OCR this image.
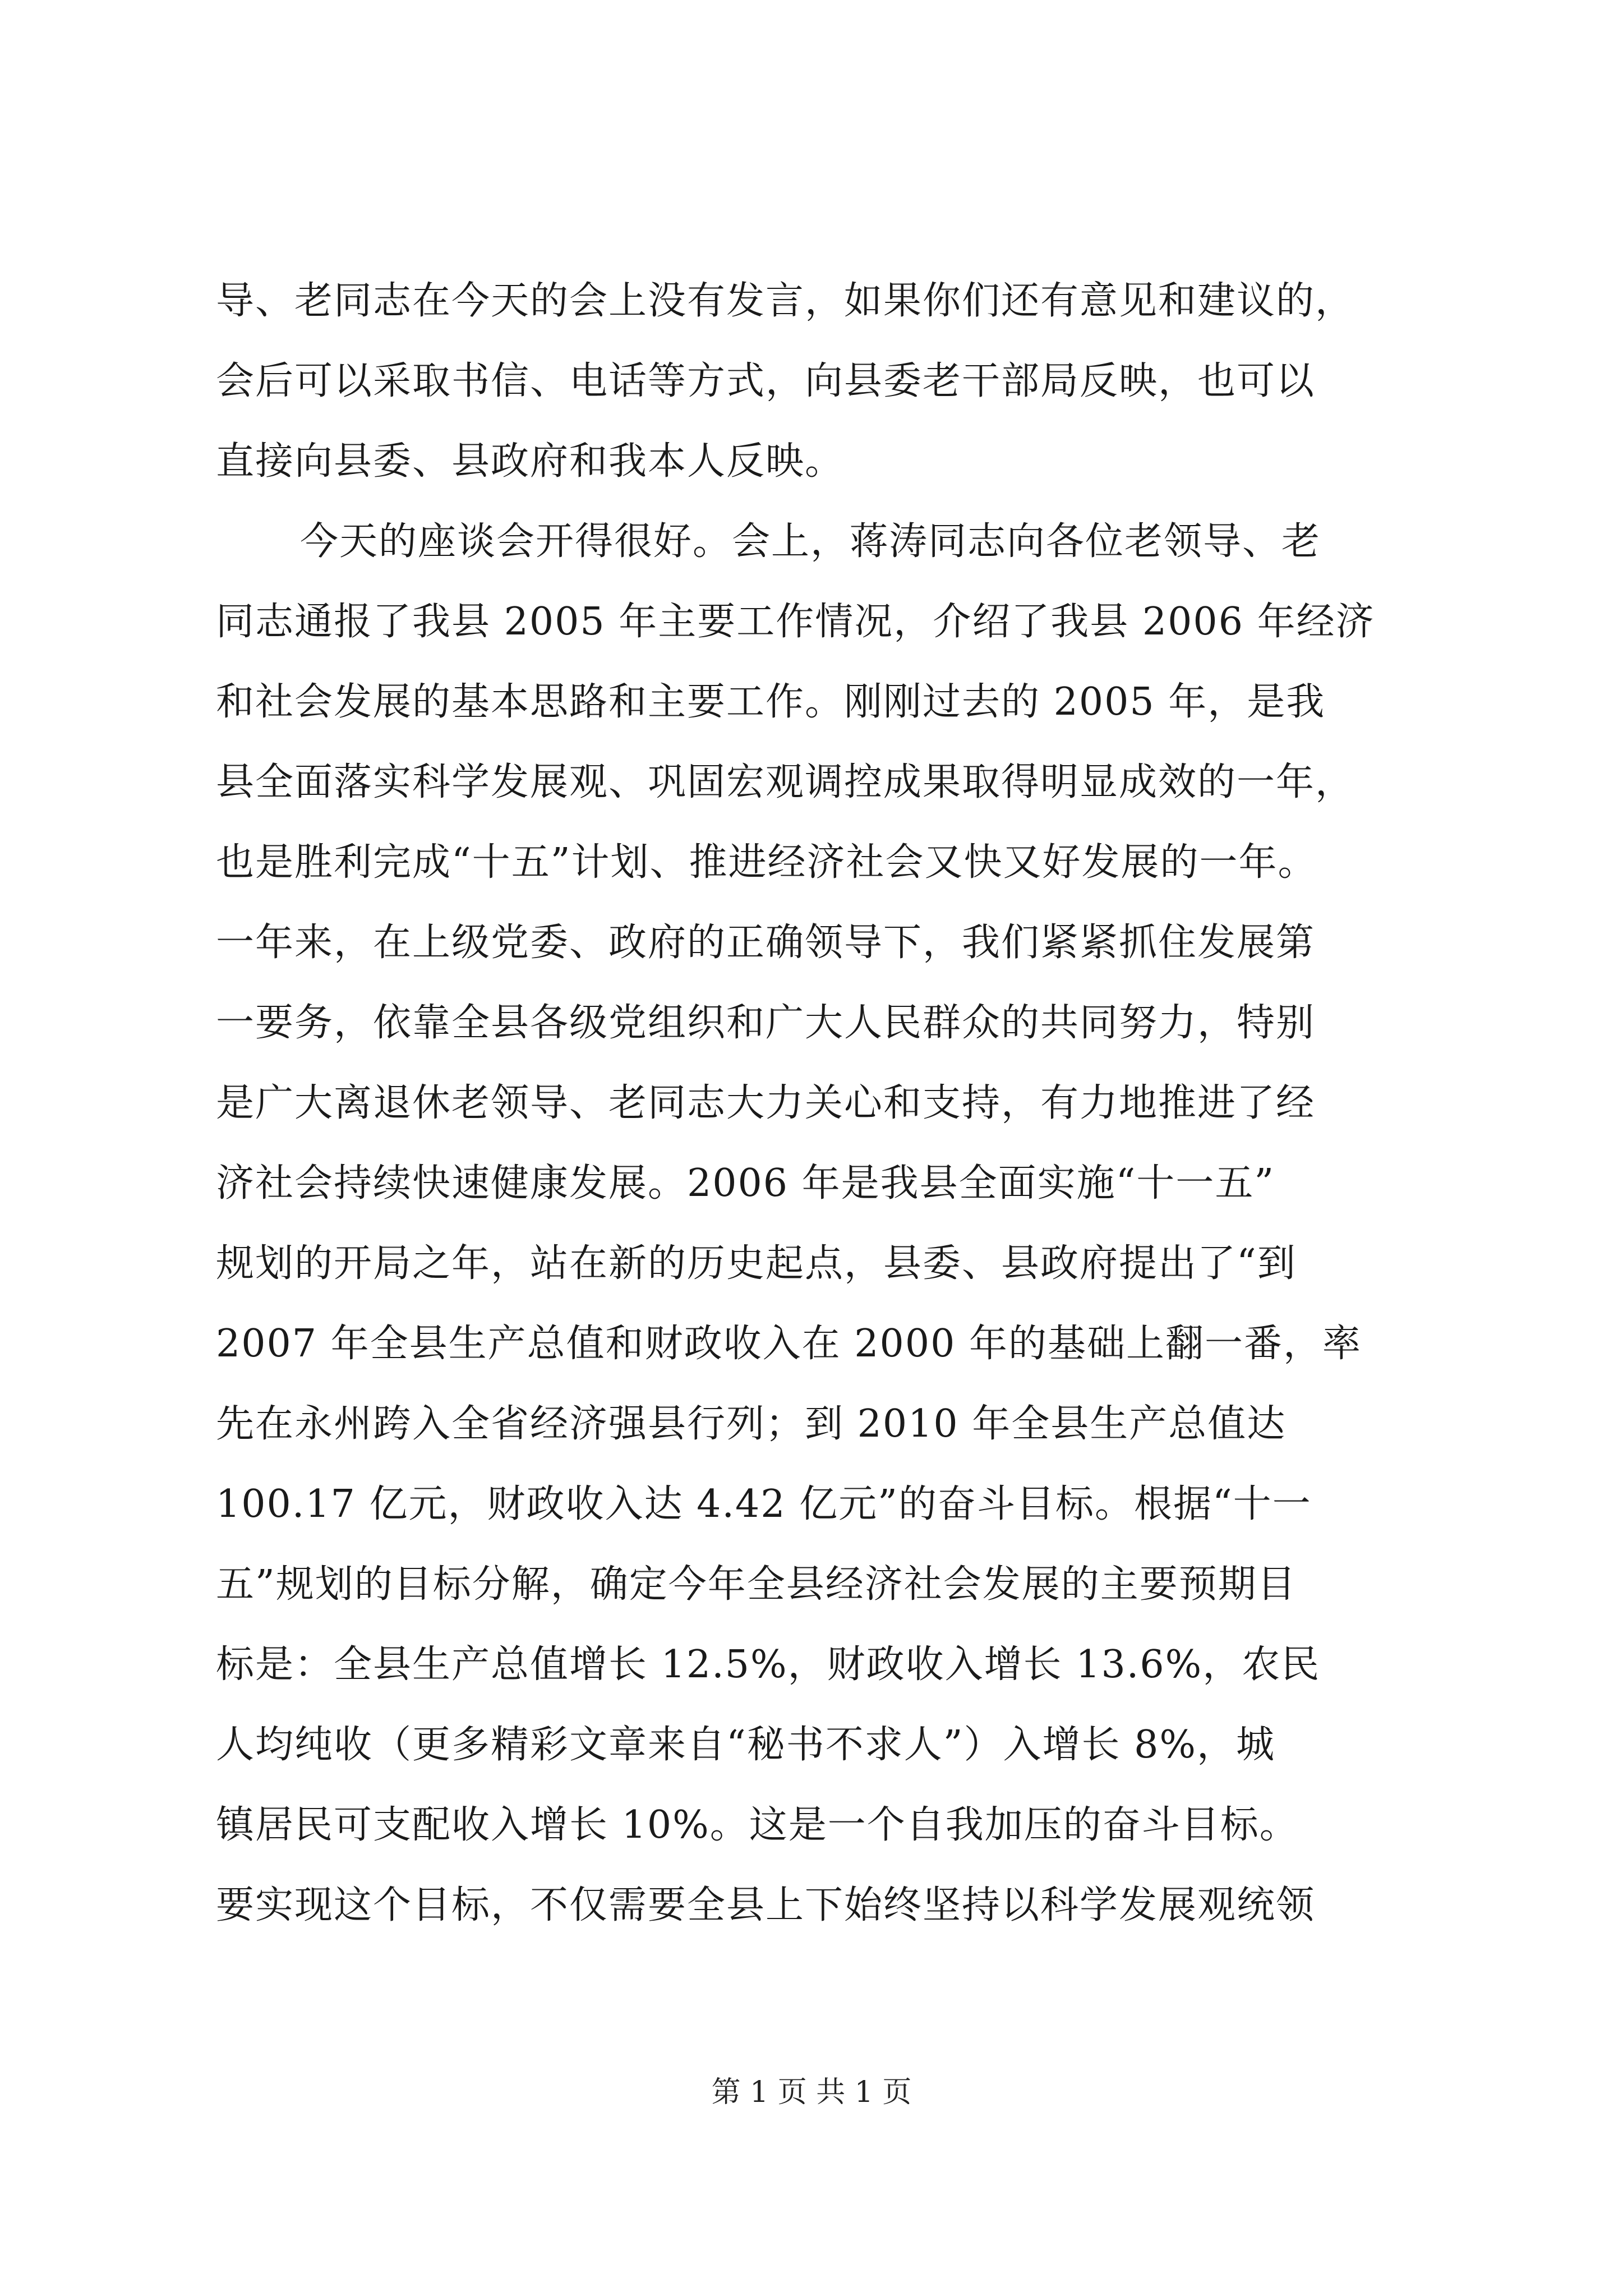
导、老同志在今天的会上没有发言，如果你们还有意见和建议的，
会后可以采取书信、电话等方式，向县委老干部局反映，也可以
直接向县委、县政府和我本人反映。
今天的座谈会开得很好。会上，蒋涛同志向各位老领导、老
同志通报了我县 2005 年主要工作情况，介绍了我县 2006 年经济
和社会发展的基本思路和主要工作。刚刚过去的 2005 年，是我
县全面落实科学发展观、巩固宏观调控成果取得明显成效的一年，
也是胜利完成“十五”计划、推进经济社会又快又好发展的一年。
一年来，在上级党委、政府的正确领导下，我们紧紧抓住发展第
一要务，依靠全县各级党组织和广大人民群众的共同努力，特别
是广大离退休老领导、老同志大力关心和支持，有力地推进了经
济社会持续快速健康发展。2006 年是我县全面实施“十一五”
规划的开局之年，站在新的历史起点，县委、县政府提出了“到
2007 年全县生产总值和财政收入在 2000 年的基础上翻一番，率
先在永州跨入全省经济强县行列；到 2010 年全县生产总值达
100.17 亿元，财政收入达 4.42 亿元”的奋斗目标。根据“十一
五”规划的目标分解，确定今年全县经济社会发展的主要预期目
标是：全县生产总值增长 12.5%，财政收入增长 13.6%，农民
人均纯收（更多精彩文章来自“秘书不求人”）入增长 8%，城
镇居民可支配收入增长 10%。这是一个自我加压的奋斗目标。
要实现这个目标，不仅需要全县上下始终坚持以科学发展观统领
第 1 页 共 1 页
